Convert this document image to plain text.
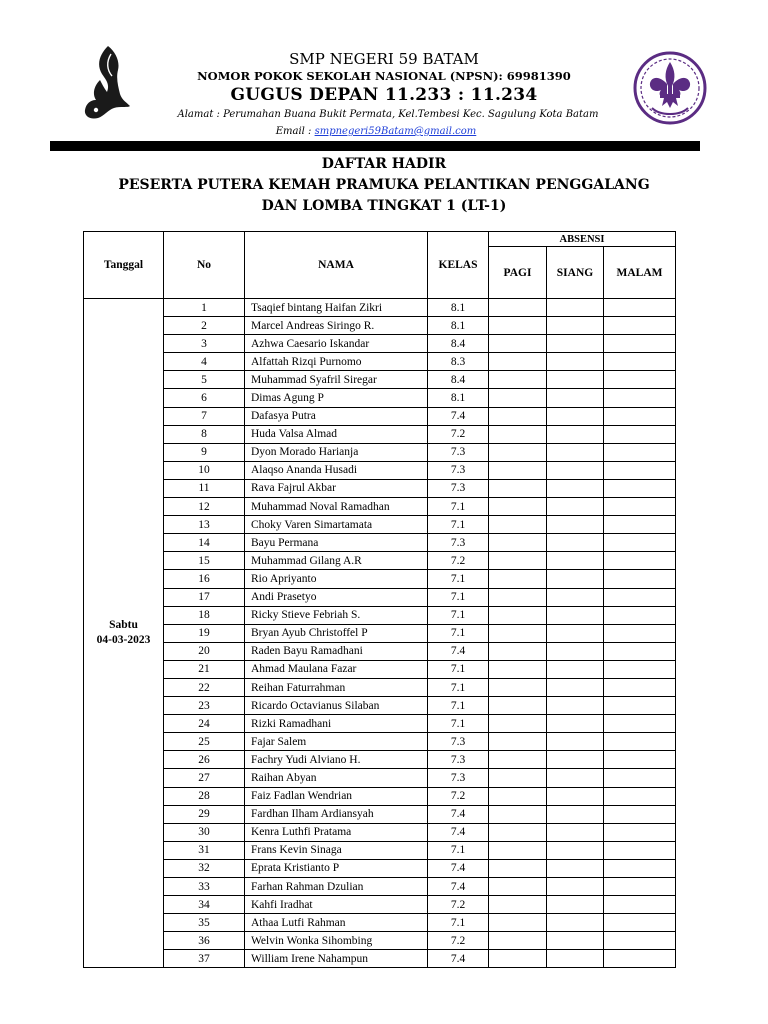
SMP NEGERI 59 BATAM
NOMOR POKOK SEKOLAH NASIONAL (NPSN): 69981390
GUGUS DEPAN 11.233 : 11.234
Alamat : Perumahan Buana Bukit Permata, Kel.Tembesi Kec. Sagulung Kota Batam
Email : smpnegeri59Batam@gmail.com
DAFTAR HADIR
PESERTA PUTERA KEMAH PRAMUKA PELANTIKAN PENGGALANG
DAN LOMBA TINGKAT 1 (LT-1)
Tanggal	No	NAMA	KELAS	ABSENSI		
				PAGI	SIANG	MALAM

Sabtu
04-03-2023	1	Tsaqief bintang Haifan Zikri	8.1			
	2	Marcel Andreas Siringo R.	8.1			
	3	Azhwa Caesario Iskandar	8.4			
	4	Alfattah Rizqi Purnomo	8.3			
	5	Muhammad Syafril Siregar	8.4			
	6	Dimas Agung P	8.1			
	7	Dafasya Putra	7.4			
	8	Huda Valsa Almad	7.2			
	9	Dyon Morado Harianja	7.3			
	10	Alaqso Ananda Husadi	7.3			
	11	Rava Fajrul Akbar	7.3			
	12	Muhammad Noval Ramadhan	7.1			
	13	Choky Varen Simartamata	7.1			
	14	Bayu Permana	7.3			
	15	Muhammad Gilang A.R	7.2			
	16	Rio Apriyanto	7.1			
	17	Andi Prasetyo	7.1			
	18	Ricky Stieve Febriah S.	7.1			
	19	Bryan Ayub Christoffel P	7.1			
	20	Raden Bayu Ramadhani	7.4			
	21	Ahmad Maulana Fazar	7.1			
	22	Reihan Faturrahman	7.1			
	23	Ricardo Octavianus Silaban	7.1			
	24	Rizki Ramadhani	7.1			
	25	Fajar Salem	7.3			
	26	Fachry Yudi Alviano H.	7.3			
	27	Raihan Abyan	7.3			
	28	Faiz Fadlan Wendrian	7.2			
	29	Fardhan Ilham Ardiansyah	7.4			
	30	Kenra Luthfi Pratama	7.4			
	31	Frans Kevin Sinaga	7.1			
	32	Eprata Kristianto P	7.4			
	33	Farhan Rahman Dzulian	7.4			
	34	Kahfi Iradhat	7.2			
	35	Athaa Lutfi Rahman	7.1			
	36	Welvin Wonka Sihombing	7.2			
	37	William Irene Nahampun	7.4			
